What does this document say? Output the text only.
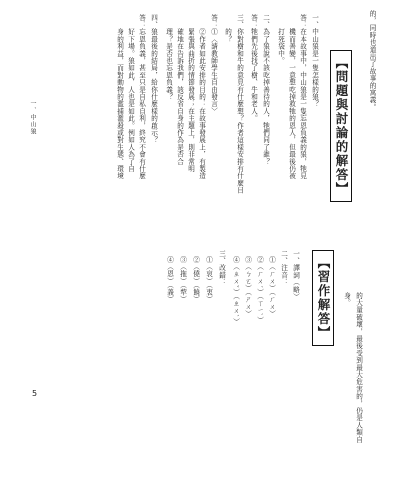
的，同時也道出了故事的寓義。
【問題與討論的解答】
一、中山狼是一隻怎樣的狼？
答：在本故事中，中山狼是一隻忘恩負義的狼，牠見
　　機而善變，一意想吃掉救牠的恩人，但最後仍被
　　打死袋中。
二、為了狼說不該吃掉善待的人，牠們同了誰？
答：牠們先後找了樹、牛和老人。
三、你對樹和牛的意見有什麼想？作者這樣安排有什麼目
　　的？
答：①〈請教師學生自由發言〉
　　②作者如此安排的目的：在故事發展上，有製造
　　緊張與曲折的情節發展；在主題上，則非常明
　　確地在告訴我們，該反省自身的作為是否合
　　理？是否也忘恩負義？
四、狼最後的結局，給你什麼樣的啟示？
答：忘恩負義，甚至只是自私自利，終究不會有什麼
　　好下場。狼如此，人也是如此。例如人為了自
　　身的利益，而對動物的濫捕濫殺或對生態、環境
【習作解答】
一、譯詞（略）
二、注音：
①（ㄏㄨ）（ㄏㄨ）
②（ㄏㄨˊ）（ㄒㄧˋ）
③（ㄅㄛ）（ㄕㄨ）
④（ㄓㄨˇ）（ㄓㄨˋ）
三、改錯：
①（哀）（衷）
②（僥）（饒）
③（拖）（犂）
④（恩）（義）
的大量破壞，最後受到最大危害的，仍是人類自
身。
一、中山狼
5
